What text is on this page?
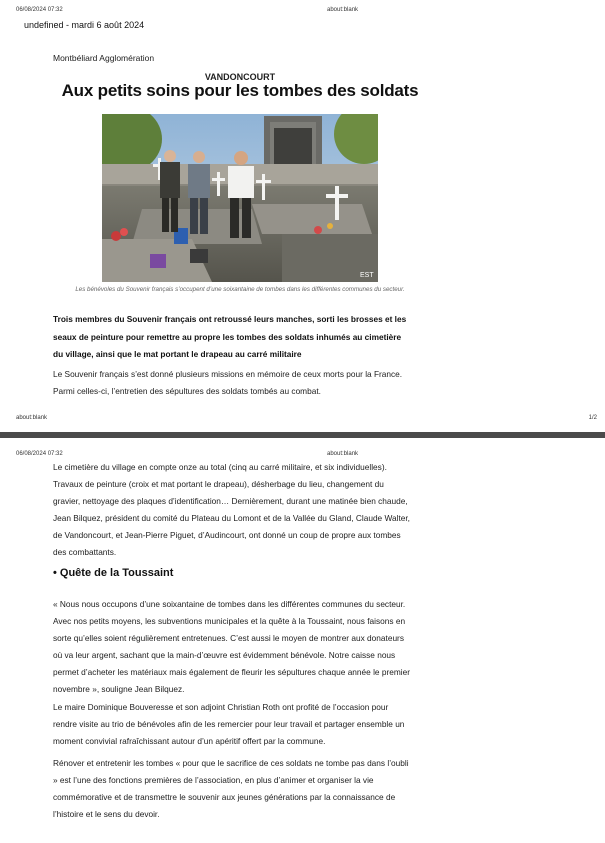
06/08/2024 07:32	about:blank
undefined - mardi 6 août 2024
Montbéliard Agglomération
VANDONCOURT
Aux petits soins pour les tombes des soldats
EST
Les bénévoles du Souvenir français s’occupent d’une soixantaine de tombes dans les différentes communes du secteur.
Trois membres du Souvenir français ont retroussé leurs manches, sorti les brosses et les seaux de peinture pour remettre au propre les tombes des soldats inhumés au cimetière du village, ainsi que le mat portant le drapeau au carré militaire
Le Souvenir français s’est donné plusieurs missions en mémoire de ceux morts pour la France. Parmi celles-ci, l’entretien des sépultures des soldats tombés au combat.
about:blank	1/2
06/08/2024 07:32	about:blank
Le cimetière du village en compte onze au total (cinq au carré militaire, et six individuelles). Travaux de peinture (croix et mat portant le drapeau), désherbage du lieu, changement du gravier, nettoyage des plaques d’identification… Dernièrement, durant une matinée bien chaude, Jean Bilquez, président du comité du Plateau du Lomont et de la Vallée du Gland, Claude Walter, de Vandoncourt, et Jean-Pierre Piguet, d’Audincourt, ont donné un coup de propre aux tombes des combattants.
• Quête de la Toussaint
« Nous nous occupons d’une soixantaine de tombes dans les différentes communes du secteur. Avec nos petits moyens, les subventions municipales et la quête à la Toussaint, nous faisons en sorte qu’elles soient régulièrement entretenues. C’est aussi le moyen de montrer aux donateurs où va leur argent, sachant que la main-d’œuvre est évidemment bénévole. Notre caisse nous permet d’acheter les matériaux mais également de fleurir les sépultures chaque année le premier novembre », souligne Jean Bilquez.
Le maire Dominique Bouveresse et son adjoint Christian Roth ont profité de l’occasion pour rendre visite au trio de bénévoles afin de les remercier pour leur travail et partager ensemble un moment convivial rafraîchissant autour d’un apéritif offert par la commune.
Rénover et entretenir les tombes « pour que le sacrifice de ces soldats ne tombe pas dans l’oubli » est l’une des fonctions premières de l’association, en plus d’animer et organiser la vie commémorative et de transmettre le souvenir aux jeunes générations par la connaissance de l’histoire et le sens du devoir.
